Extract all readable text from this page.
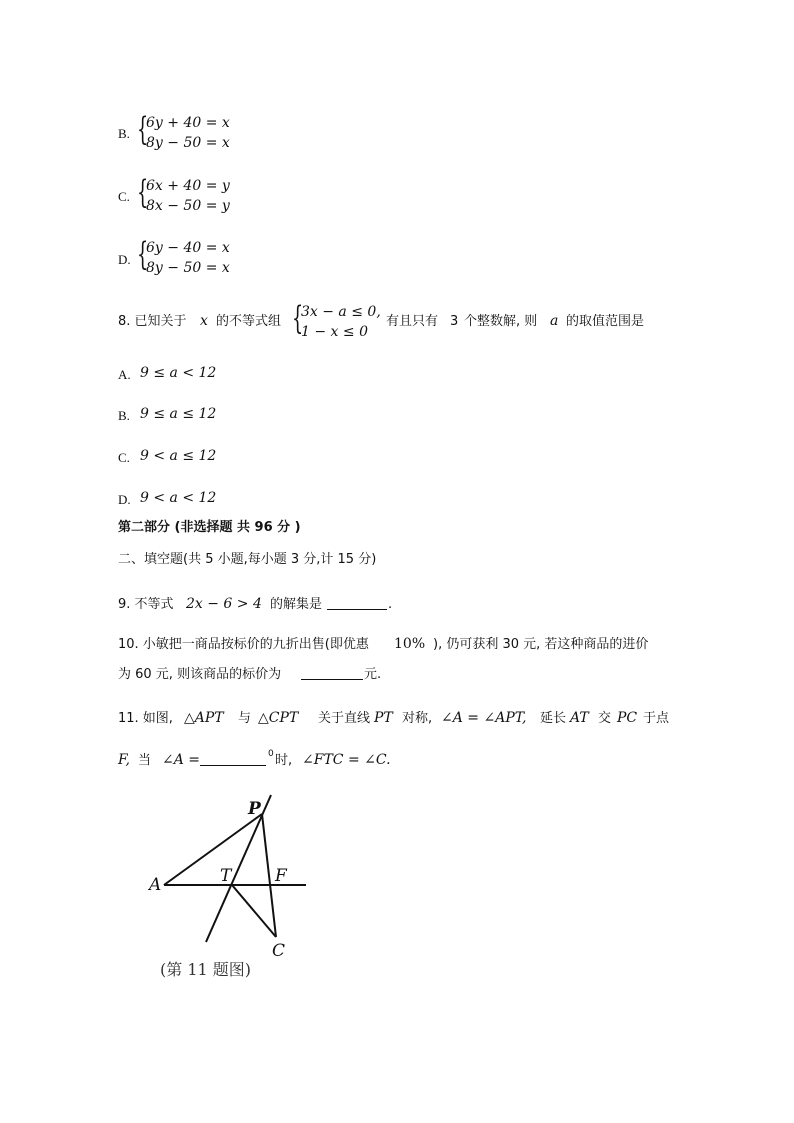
B. {
6y + 40 = x
8y − 50 = x
C. {
6x + 40 = y
8x − 50 = y
D. {
6y − 40 = x
8y − 50 = x
8. 已知关于 x 的不等式组 {
3x − a ≤ 0,
1 − x ≤ 0
有且只有 3 个整数解, 则 a 的取值范围是
A. 9 ≤ a < 12
B. 9 ≤ a ≤ 12
C. 9 < a ≤ 12
D. 9 < a < 12
第二部分 (非选择题 共 96 分 )
二、填空题(共 5 小题,每小题 3 分,计 15 分)
9. 不等式 2x − 6 > 4 的解集是	.
10. 小敏把一商品按标价的九折出售(即优惠 10% ), 仍可获利 30 元, 若这种商品的进价
为 60 元, 则该商品的标价为	元.
11. 如图, △APT 与 △CPT 关于直线 PT 对称, ∠A = ∠APT, 延长 AT 交 PC 于点
F, 当 ∠A =	0 时, ∠FTC = ∠C.
P
A	T	F
C
(第 11 题图)
